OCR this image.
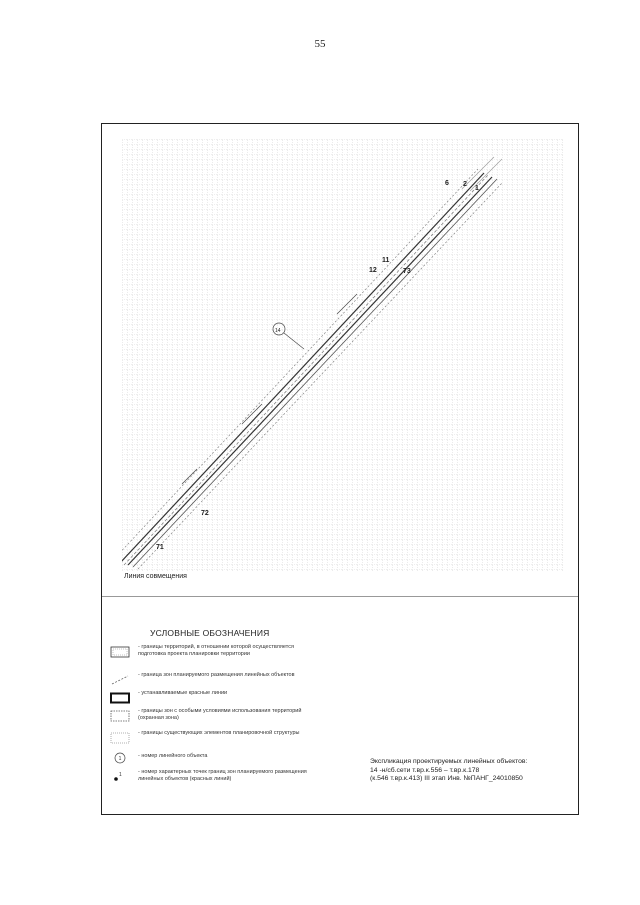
55
6 2
1
11
12	73
14
72
71
Линия совмещения
УСЛОВНЫЕ ОБОЗНАЧЕНИЯ
- границы территорий, в отношении которой осуществляется подготовка проекта планировки территории
- граница зон планируемого размещения линейных объектов
- устанавливаемые красные линии
- границы зон с особыми условиями использования территорий (охранная зона)
- границы существующих элементов планировочной структуры
1	- номер линейного объекта
1	- номер характерных точек границ зон планируемого размещения линейных объектов (красных линий)
Экспликация проектируемых линейных объектов:
14 -н/сб.сети т.вр.к.556 – т.вр.к.178
(к.546 т.вр.к.413) III этап Инв. №ПАНГ_24010850
